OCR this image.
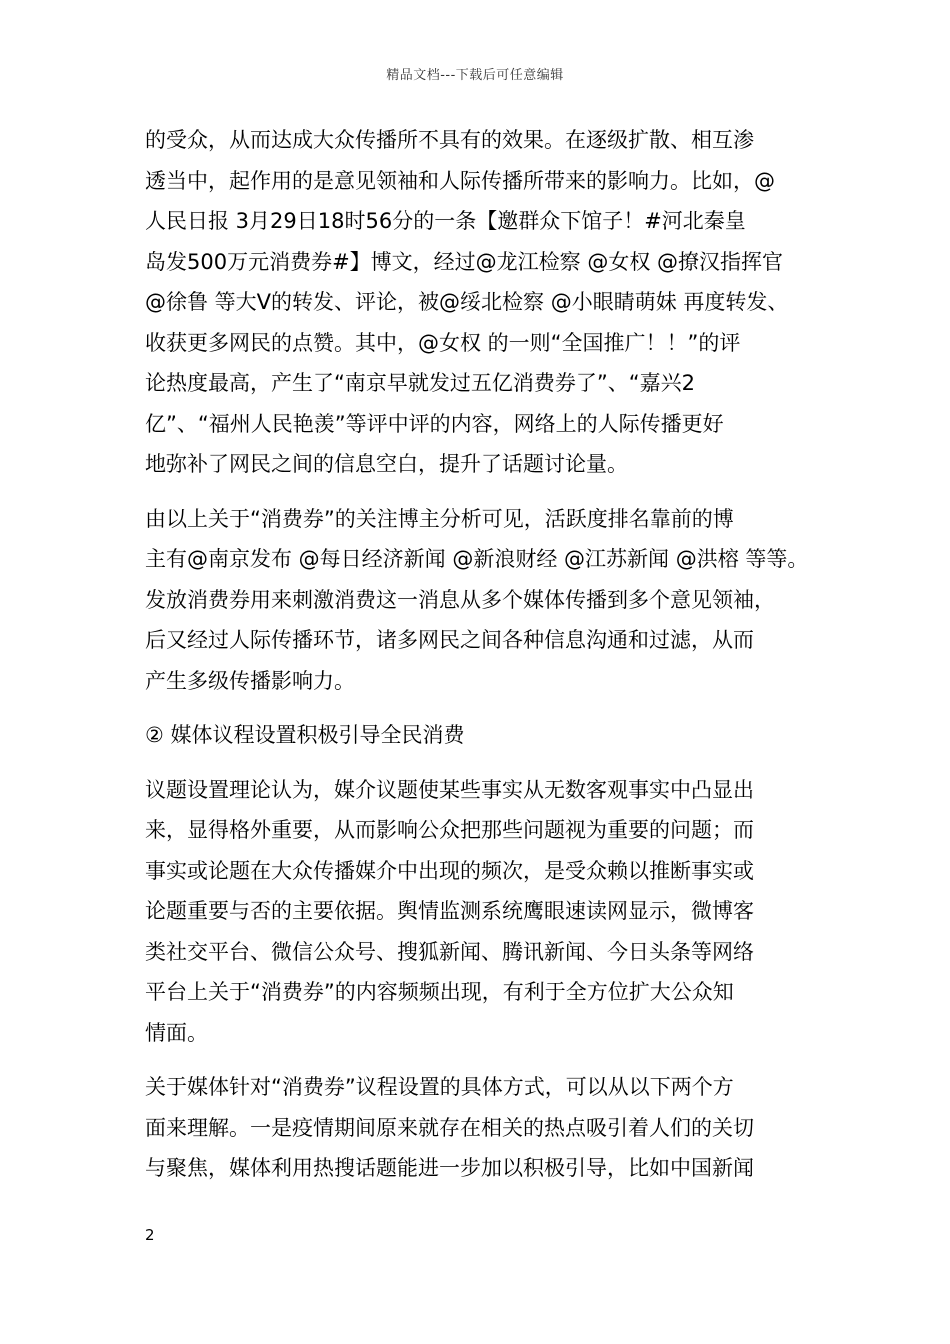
精品文档---下载后可任意编辑
的受众，从而达成大众传播所不具有的效果。在逐级扩散、相互渗
透当中，起作用的是意见领袖和人际传播所带来的影响力。比如，@
人民日报 3月29日18时56分的一条【邀群众下馆子！#河北秦皇
岛发500万元消费券#】博文，经过@龙江检察 @女权 @撩汉指挥官
@徐鲁 等大V的转发、评论，被@绥北检察 @小眼睛萌妹 再度转发、
收获更多网民的点赞。其中，@女权 的一则“全国推广！！”的评
论热度最高，产生了“南京早就发过五亿消费券了”、“嘉兴2
亿”、“福州人民艳羡”等评中评的内容，网络上的人际传播更好
地弥补了网民之间的信息空白，提升了话题讨论量。
由以上关于“消费券”的关注博主分析可见，活跃度排名靠前的博
主有@南京发布 @每日经济新闻 @新浪财经 @江苏新闻 @洪榕 等等。
发放消费券用来刺激消费这一消息从多个媒体传播到多个意见领袖，
后又经过人际传播环节，诸多网民之间各种信息沟通和过滤，从而
产生多级传播影响力。
② 媒体议程设置积极引导全民消费
议题设置理论认为，媒介议题使某些事实从无数客观事实中凸显出
来，显得格外重要，从而影响公众把那些问题视为重要的问题；而
事实或论题在大众传播媒介中出现的频次，是受众赖以推断事实或
论题重要与否的主要依据。舆情监测系统鹰眼速读网显示，微博客
类社交平台、微信公众号、搜狐新闻、腾讯新闻、今日头条等网络
平台上关于“消费券”的内容频频出现，有利于全方位扩大公众知
情面。
关于媒体针对“消费券”议程设置的具体方式，可以从以下两个方
面来理解。一是疫情期间原来就存在相关的热点吸引着人们的关切
与聚焦，媒体利用热搜话题能进一步加以积极引导，比如中国新闻
2
